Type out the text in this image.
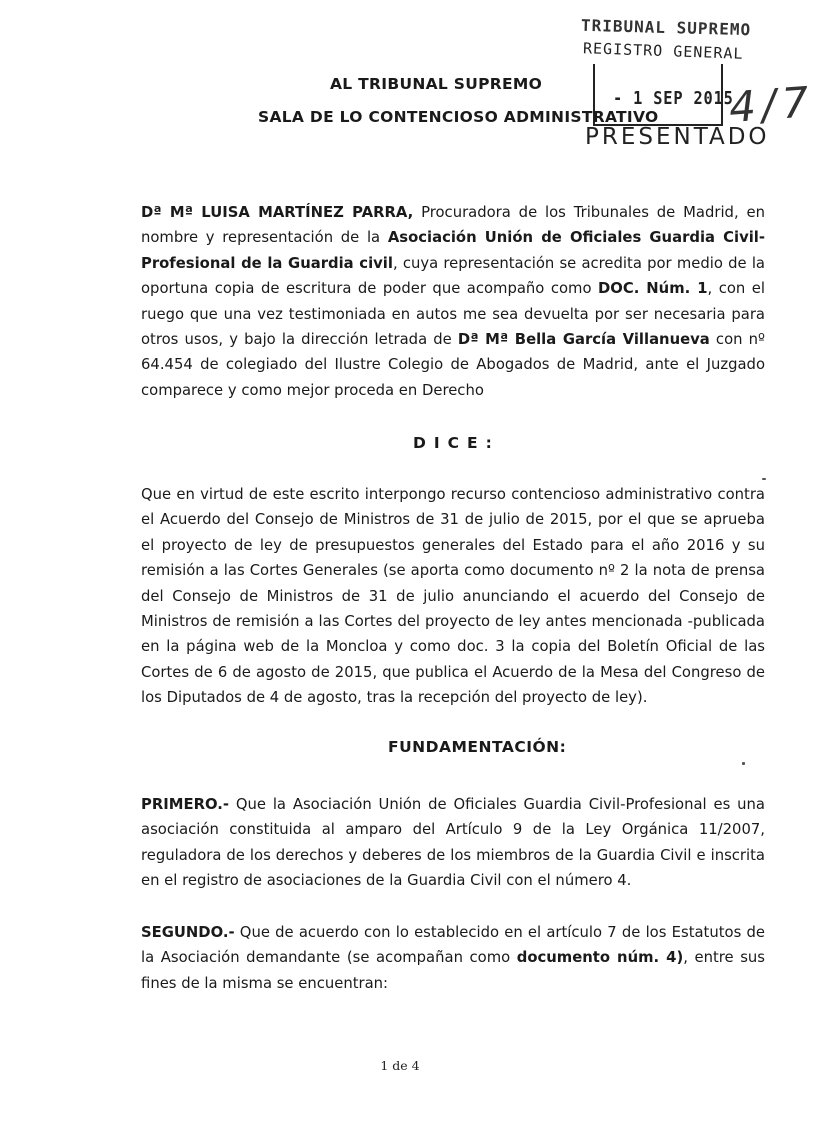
TRIBUNAL SUPREMO
REGISTRO GENERAL
- 1 SEP 2015
4/7
PRESENTADO
AL TRIBUNAL SUPREMO
SALA DE LO CONTENCIOSO ADMINISTRATIVO
Dª Mª LUISA MARTÍNEZ PARRA, Procuradora de los Tribunales de Madrid, en nombre y representación de la Asociación Unión de Oficiales Guardia Civil-Profesional de la Guardia civil, cuya representación se acredita por medio de la oportuna copia de escritura de poder que acompaño como DOC. Núm. 1, con el ruego que una vez testimoniada en autos me sea devuelta por ser necesaria para otros usos, y bajo la dirección letrada de Dª Mª Bella García Villanueva con nº 64.454 de colegiado del Ilustre Colegio de Abogados de Madrid, ante el Juzgado comparece y como mejor proceda en Derecho
DICE:
Que en virtud de este escrito interpongo recurso contencioso administrativo contra el Acuerdo del Consejo de Ministros de 31 de julio de 2015, por el que se aprueba el proyecto de ley de presupuestos generales del Estado para el año 2016 y su remisión a las Cortes Generales (se aporta como documento nº 2 la nota de prensa del Consejo de Ministros de 31 de julio anunciando el acuerdo del Consejo de Ministros de remisión a las Cortes del proyecto de ley antes mencionada -publicada en la página web de la Moncloa y como doc. 3 la copia del Boletín Oficial de las Cortes de 6 de agosto de 2015, que publica el Acuerdo de la Mesa del Congreso de los Diputados de 4 de agosto, tras la recepción del proyecto de ley).
FUNDAMENTACIÓN:
PRIMERO.- Que la Asociación Unión de Oficiales Guardia Civil-Profesional es una asociación constituida al amparo del Artículo 9 de la Ley Orgánica 11/2007, reguladora de los derechos y deberes de los miembros de la Guardia Civil e inscrita en el registro de asociaciones de la Guardia Civil con el número 4.
SEGUNDO.- Que de acuerdo con lo establecido en el artículo 7 de los Estatutos de la Asociación demandante (se acompañan como documento núm. 4), entre sus fines de la misma se encuentran:
1 de 4
